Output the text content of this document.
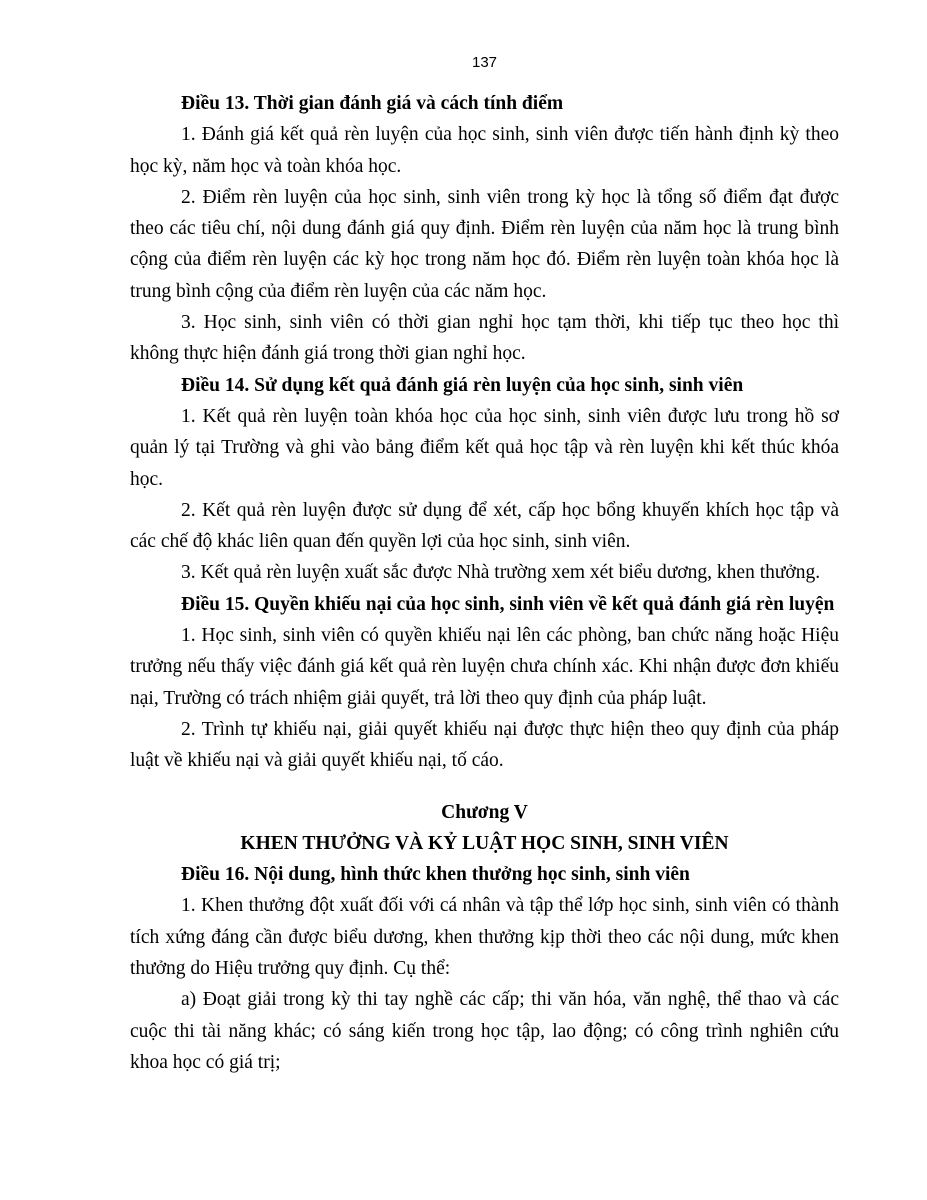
137

Điều 13. Thời gian đánh giá và cách tính điểm

1. Đánh giá kết quả rèn luyện của học sinh, sinh viên được tiến hành định kỳ theo học kỳ, năm học và toàn khóa học.

2. Điểm rèn luyện của học sinh, sinh viên trong kỳ học là tổng số điểm đạt được theo các tiêu chí, nội dung đánh giá quy định. Điểm rèn luyện của năm học là trung bình cộng của điểm rèn luyện các kỳ học trong năm học đó. Điểm rèn luyện toàn khóa học là trung bình cộng của điểm rèn luyện của các năm học.

3. Học sinh, sinh viên có thời gian nghỉ học tạm thời, khi tiếp tục theo học thì không thực hiện đánh giá trong thời gian nghỉ học.

Điều 14. Sử dụng kết quả đánh giá rèn luyện của học sinh, sinh viên

1. Kết quả rèn luyện toàn khóa học của học sinh, sinh viên được lưu trong hồ sơ quản lý tại Trường và ghi vào bảng điểm kết quả học tập và rèn luyện khi kết thúc khóa học.

2. Kết quả rèn luyện được sử dụng để xét, cấp học bổng khuyến khích học tập và các chế độ khác liên quan đến quyền lợi của học sinh, sinh viên.

3. Kết quả rèn luyện xuất sắc được Nhà trường xem xét biểu dương, khen thưởng.

Điều 15. Quyền khiếu nại của học sinh, sinh viên về kết quả đánh giá rèn luyện

1. Học sinh, sinh viên có quyền khiếu nại lên các phòng, ban chức năng hoặc Hiệu trưởng nếu thấy việc đánh giá kết quả rèn luyện chưa chính xác. Khi nhận được đơn khiếu nại, Trường có trách nhiệm giải quyết, trả lời theo quy định của pháp luật.

2. Trình tự khiếu nại, giải quyết khiếu nại được thực hiện theo quy định của pháp luật về khiếu nại và giải quyết khiếu nại, tố cáo.

Chương V

KHEN THƯỞNG VÀ KỶ LUẬT HỌC SINH, SINH VIÊN

Điều 16. Nội dung, hình thức khen thưởng học sinh, sinh viên

1. Khen thưởng đột xuất đối với cá nhân và tập thể lớp học sinh, sinh viên có thành tích xứng đáng cần được biểu dương, khen thưởng kịp thời theo các nội dung, mức khen thưởng do Hiệu trưởng quy định. Cụ thể:

a) Đoạt giải trong kỳ thi tay nghề các cấp; thi văn hóa, văn nghệ, thể thao và các cuộc thi tài năng khác; có sáng kiến trong học tập, lao động; có công trình nghiên cứu khoa học có giá trị;
